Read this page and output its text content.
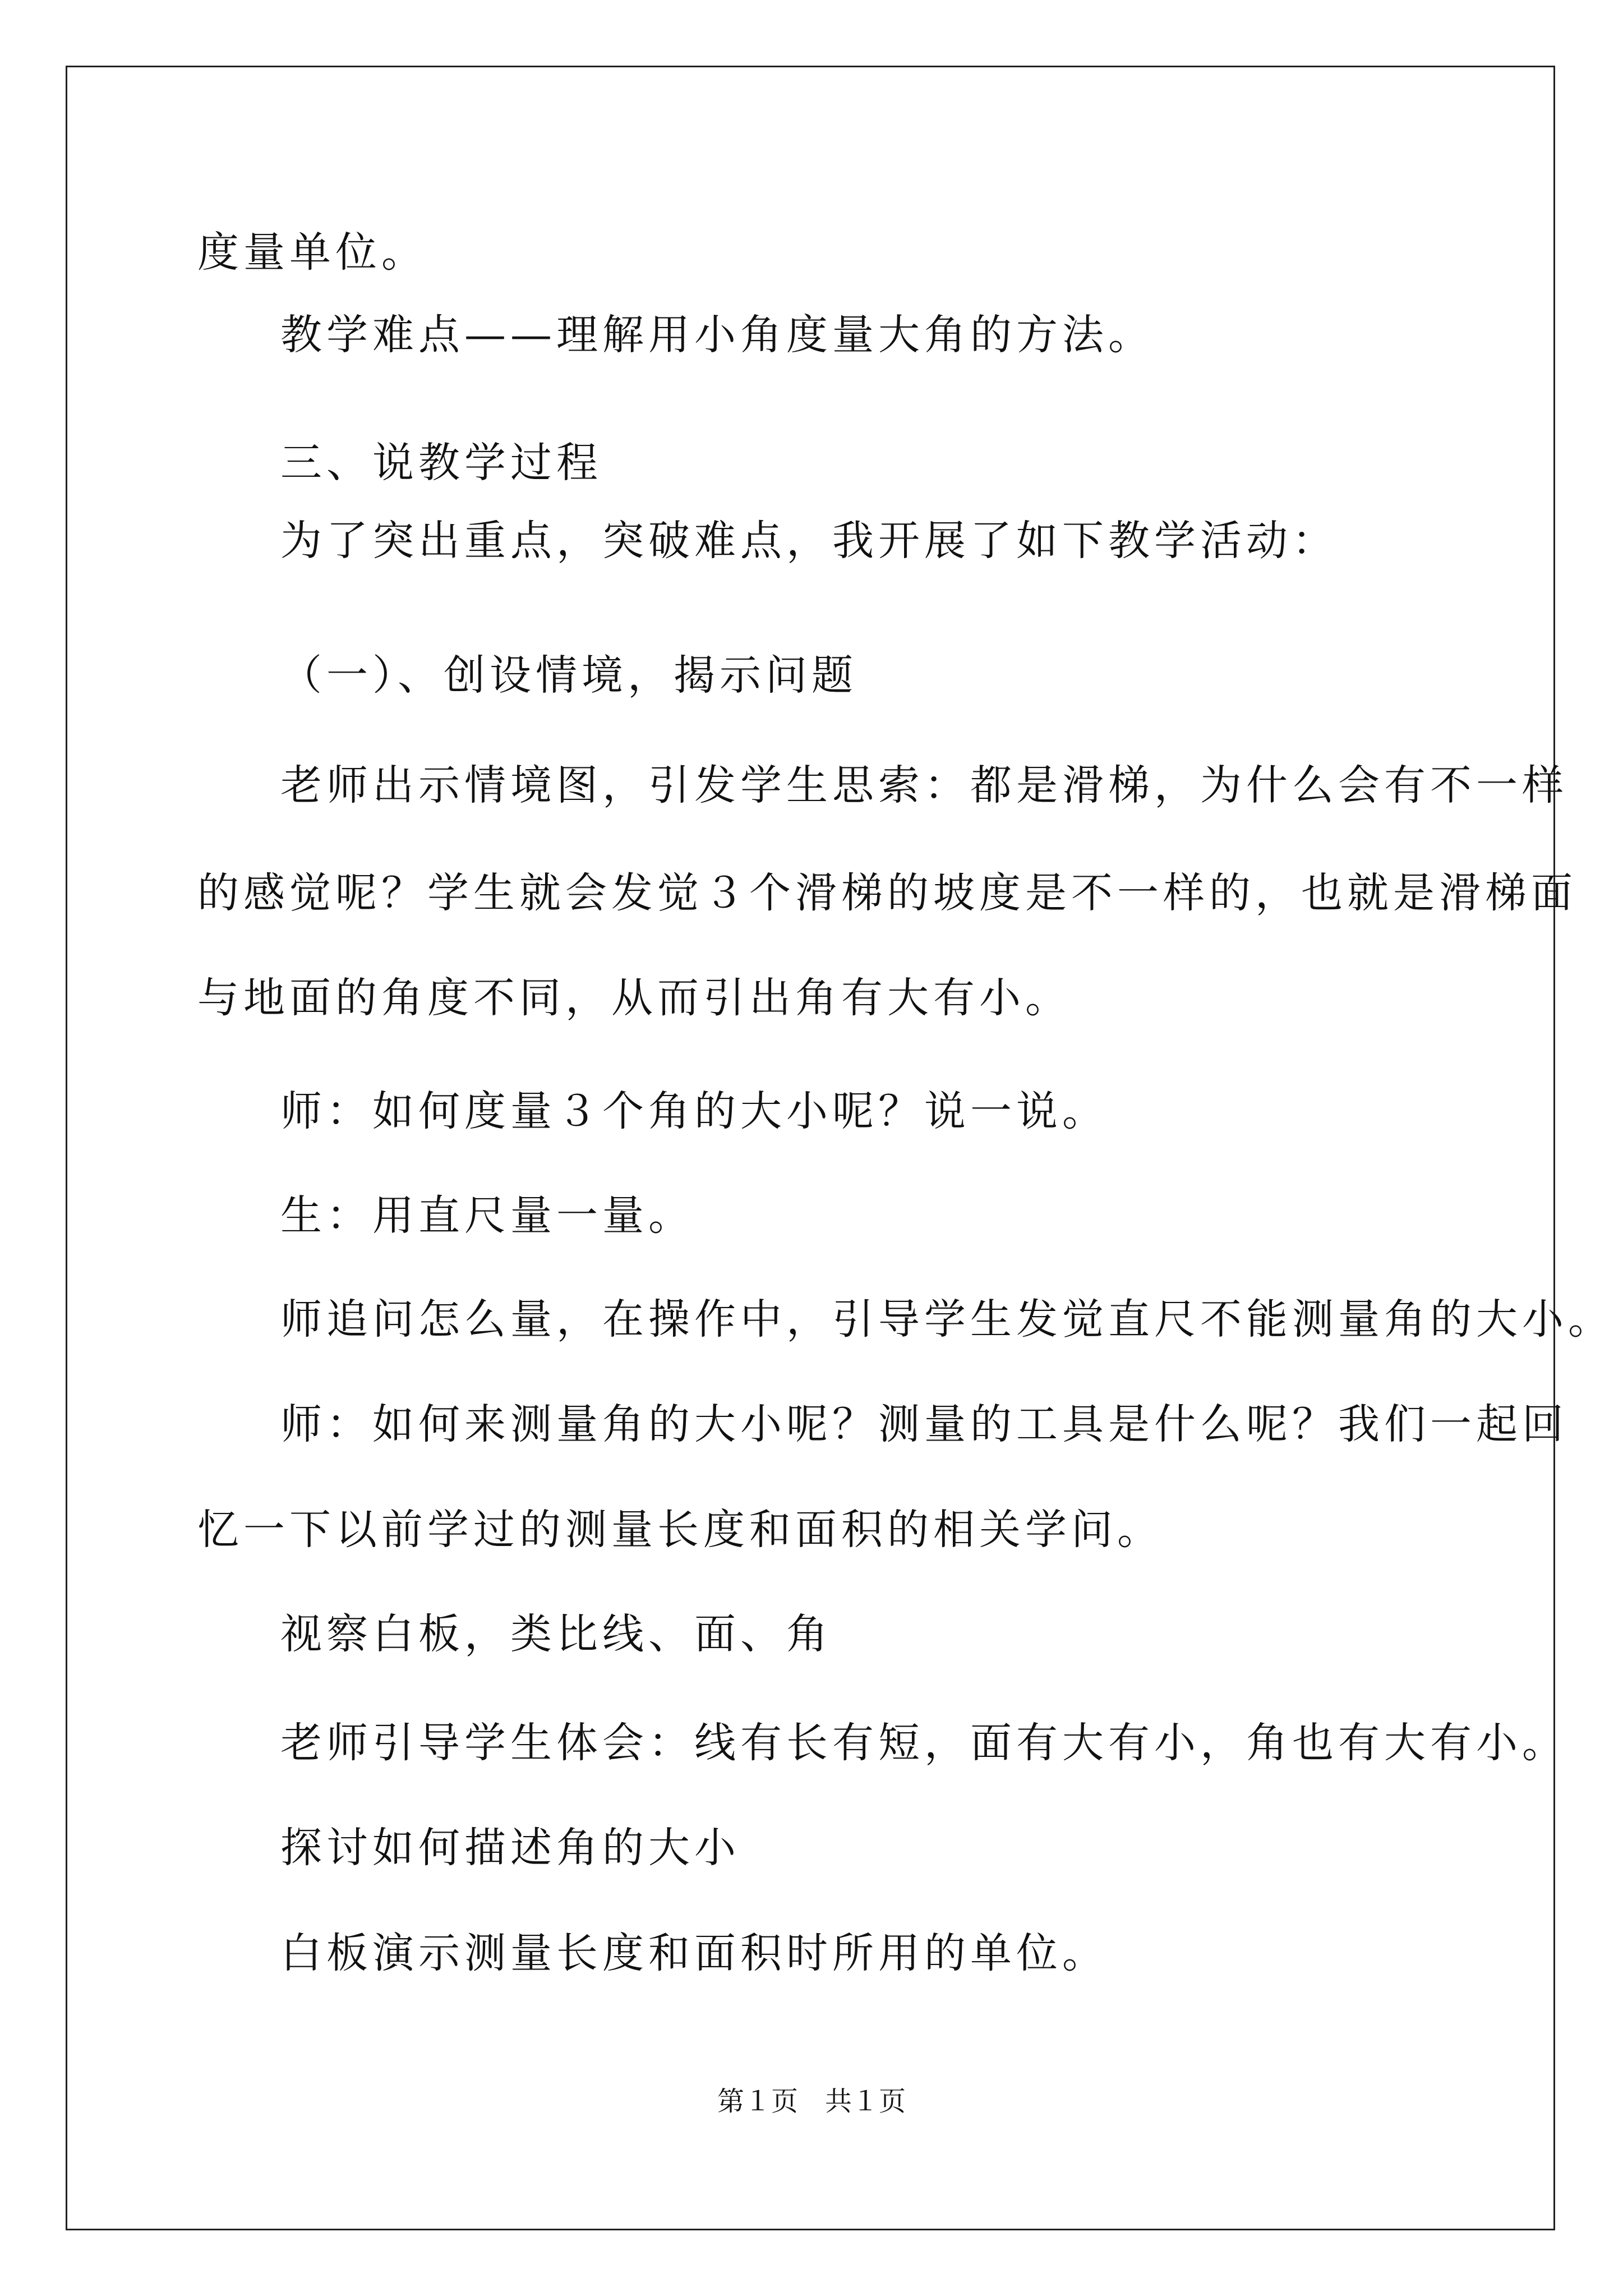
度量单位。
教学难点——理解用小角度量大角的方法。
三、说教学过程
为了突出重点，突破难点，我开展了如下教学活动：
（一）、创设情境，揭示问题
老师出示情境图，引发学生思索：都是滑梯，为什么会有不一样
的感觉呢？学生就会发觉３个滑梯的坡度是不一样的，也就是滑梯面
与地面的角度不同，从而引出角有大有小。
师：如何度量３个角的大小呢？说一说。
生：用直尺量一量。
师追问怎么量，在操作中，引导学生发觉直尺不能测量角的大小。
师：如何来测量角的大小呢？测量的工具是什么呢？我们一起回
忆一下以前学过的测量长度和面积的相关学问。
视察白板，类比线、面、角
老师引导学生体会：线有长有短，面有大有小，角也有大有小。
探讨如何描述角的大小
白板演示测量长度和面积时所用的单位。
第１页　共１页
